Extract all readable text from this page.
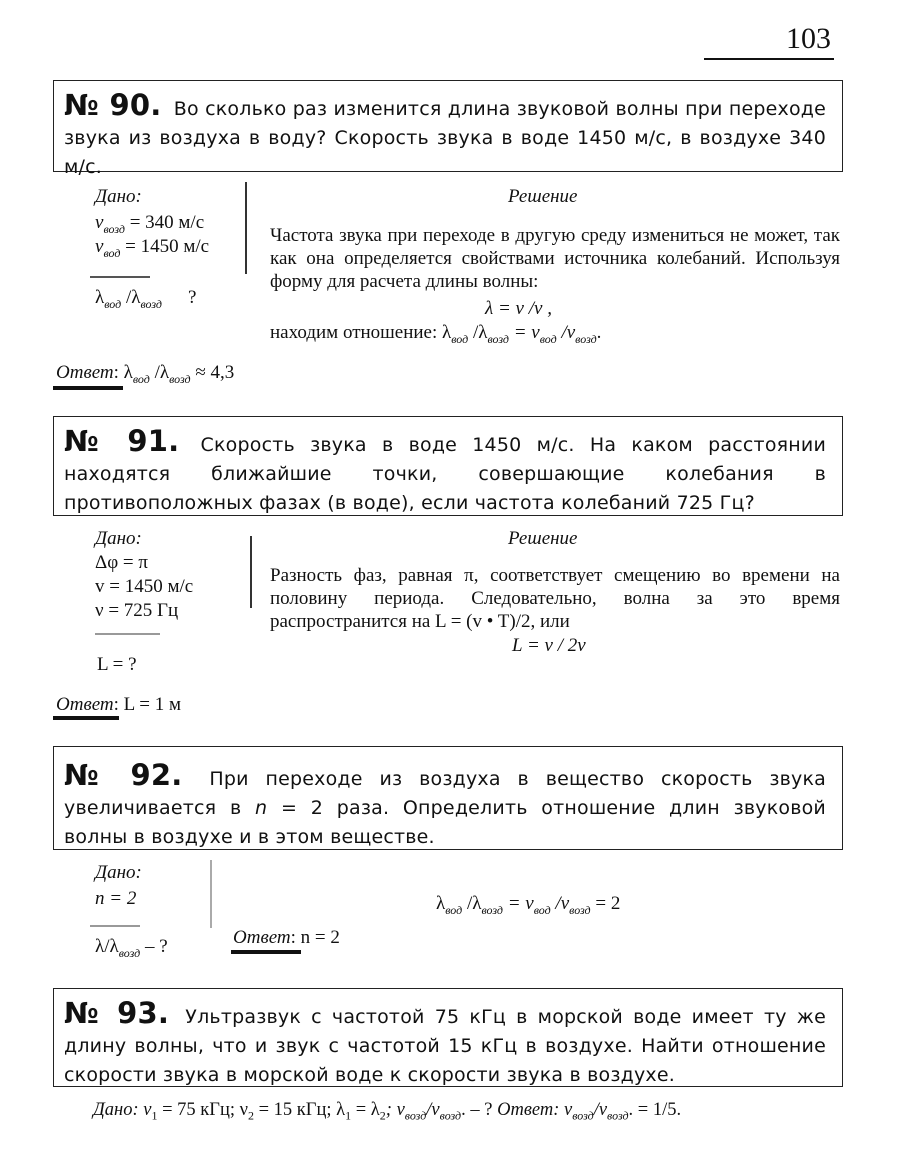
103

№ 90. Во сколько раз изменится длина звуковой волны при переходе звука из воздуха в воду? Скорость звука в воде 1450 м/с, в воздухе 340 м/с.

Дано:
$v_{возд} = 340$ м/с
$v_{вод} = 1450$ м/с
$\lambda_{вод}$ $/\lambda_{возд}$ ?
Решение

Частота звука при переходе в другую среду измениться не может, так как она определяется свойствами источника колебаний. Используя форму для расчета длины волны:

λ = v /ν ,
находим отношение: $\lambda_{вод}$ $/\lambda_{возд} = v_{вод}$ $/v_{возд}$.
Ответ: $\lambda_{вод}$ $/\lambda_{возд} \approx 4,3$

№ 91. Скорость звука в воде 1450 м/с. На каком расстоянии находятся ближайшие точки, совершающие колебания в противоположных фазах (в воде), если частота колебаний 725 Гц?

Дано:
Δφ = π
v = 1450 м/с
ν = 725 Гц
L = ?
Решение

Разность фаз, равная π, соответствует смещению во времени на половину периода. Следовательно, волна за это время распространится на L = (v • T)/2, или

L = v / 2ν
Ответ: L = 1 м

№ 92. При переходе из воздуха в вещество скорость звука увеличивается в n = 2 раза. Определить отношение длин звуковой волны в воздухе и в этом веществе.

Дано:
n = 2
$\lambda/\lambda_{возд}$ – ?
$\lambda_{вод}$ $/\lambda_{возд} = v_{вод}$ $/v_{возд} = 2$
Ответ: n = 2

№ 93. Ультразвук с частотой 75 кГц в морской воде имеет ту же длину волны, что и звук с частотой 15 кГц в воздухе. Найти отношение скорости звука в морской воде к скорости звука в воздухе.

Дано: $\nu_1 = 75$ кГц; $\nu_2 = 15$ кГц; $\lambda_1 = \lambda_2$; $v_{возд}/v_{возд}$. – ? Ответ: $v_{возд}/v_{возд}$. = 1/5.
